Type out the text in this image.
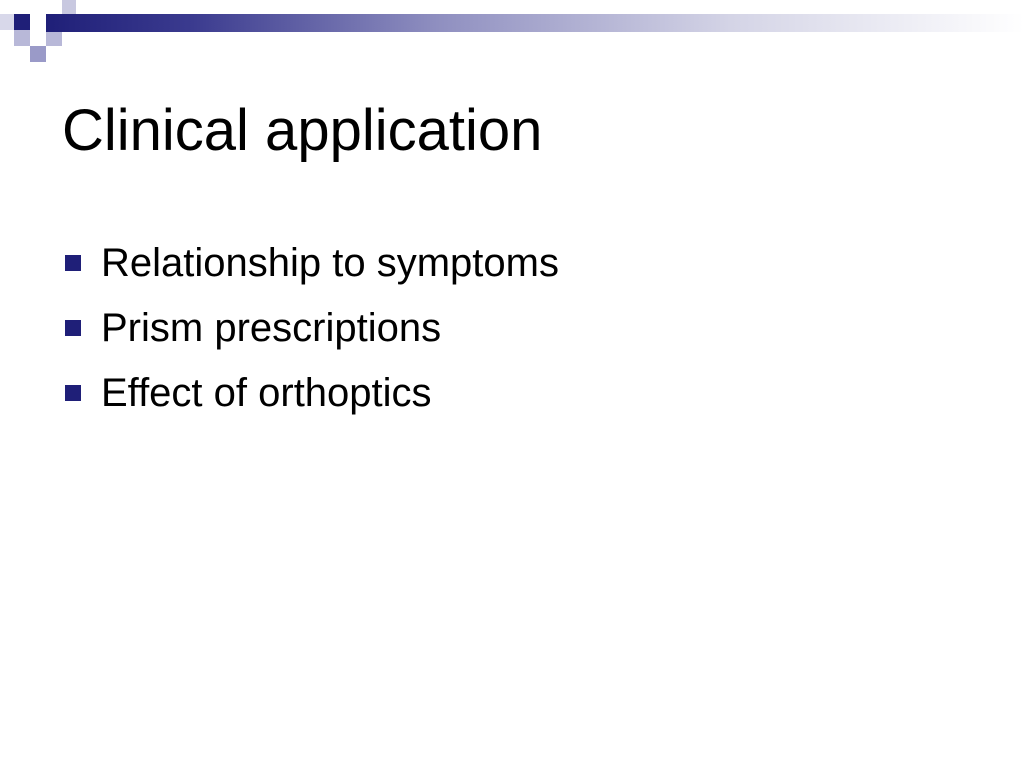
Clinical application
Relationship to symptoms
Prism prescriptions
Effect of orthoptics
